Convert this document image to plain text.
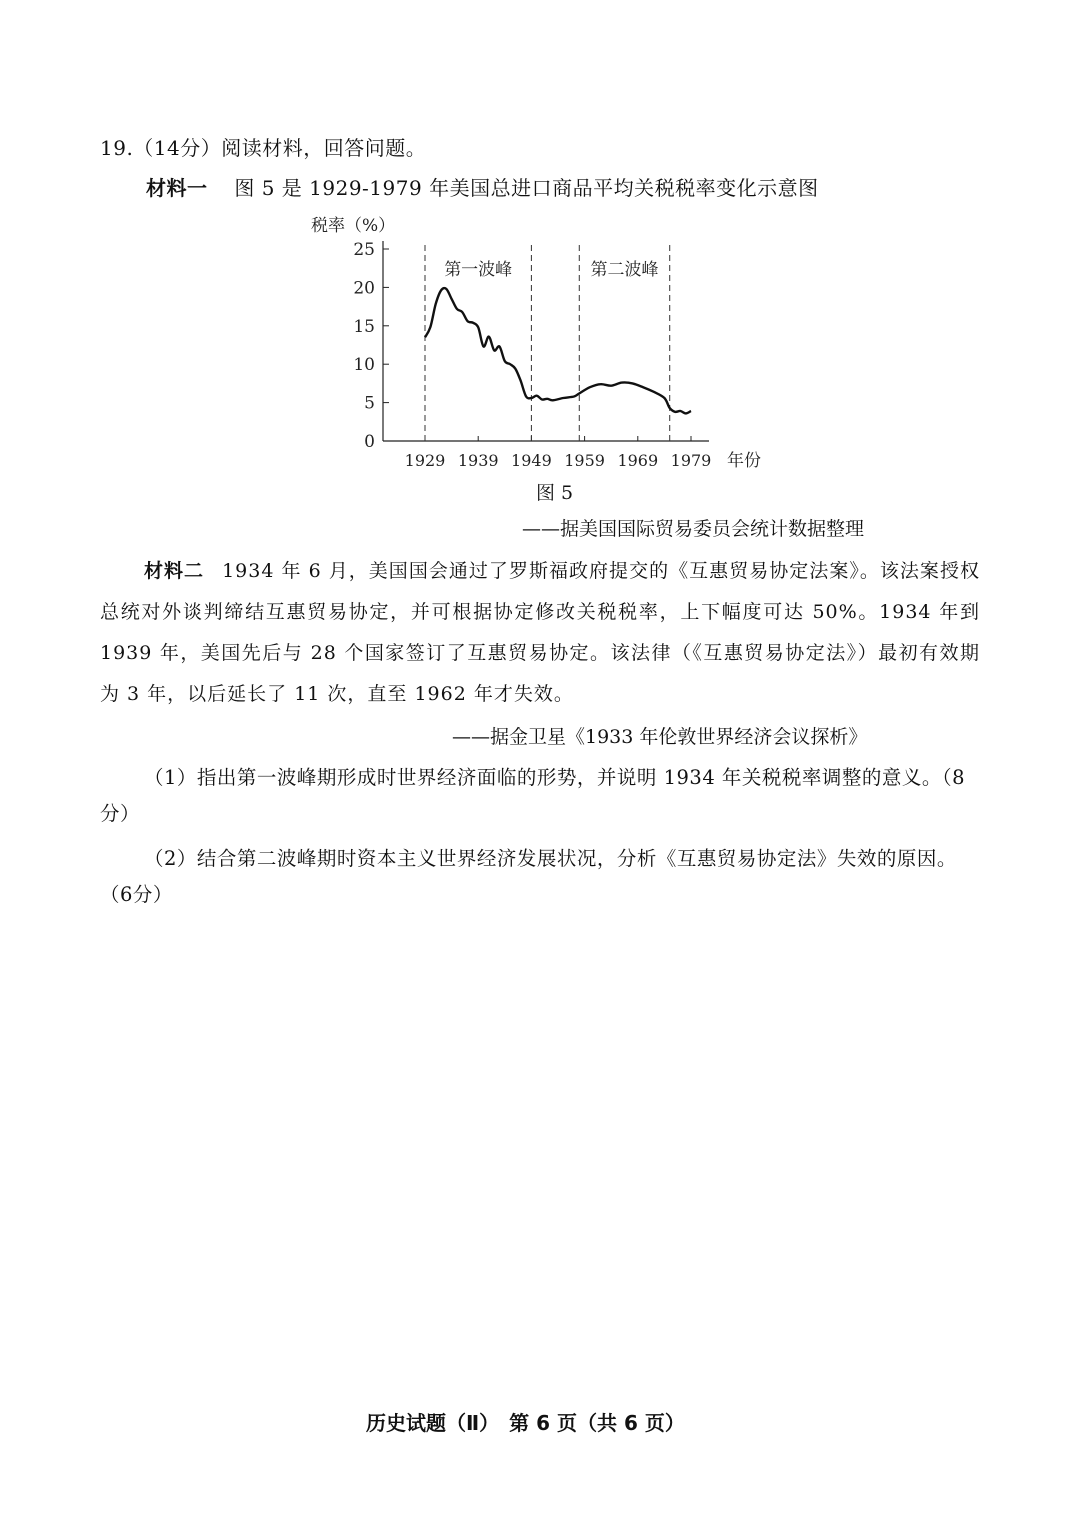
19.（14分）阅读材料，回答问题。
材料一 图 5 是 1929-1979 年美国总进口商品平均关税税率变化示意图
25
20
15
10
5
0
1929 1939 1949 1959 1969 1979
税率（%）
年份
第一波峰	第二波峰
图 5
——据美国国际贸易委员会统计数据整理
材料二 1934 年 6 月，美国国会通过了罗斯福政府提交的《互惠贸易协定法案》。该法案授权总统对外谈判缔结互惠贸易协定，并可根据协定修改关税税率，上下幅度可达 50%。1934 年到 1939 年，美国先后与 28 个国家签订了互惠贸易协定。该法律（《互惠贸易协定法》）最初有效期为 3 年，以后延长了 11 次，直至 1962 年才失效。
——据金卫星《1933 年伦敦世界经济会议探析》
（1）指出第一波峰期形成时世界经济面临的形势，并说明 1934 年关税税率调整的意义。（8分）
（2）结合第二波峰期时资本主义世界经济发展状况，分析《互惠贸易协定法》失效的原因。（6分）
历史试题（Ⅱ）　第 6 页（共 6 页）
